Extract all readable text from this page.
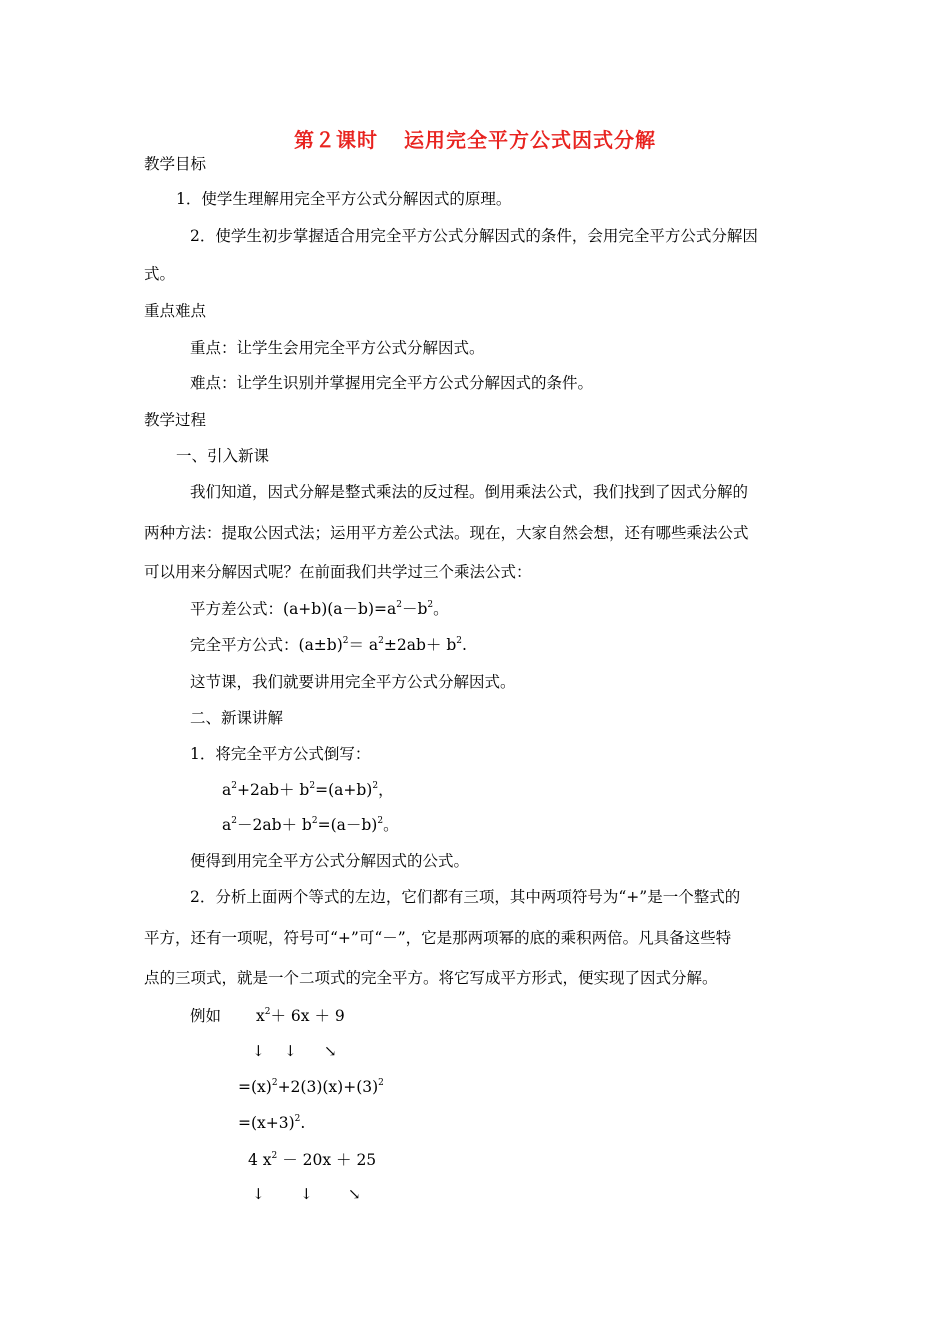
第２课时 运用完全平方公式因式分解
教学目标
1．使学生理解用完全平方公式分解因式的原理。
2．使学生初步掌握适合用完全平方公式分解因式的条件，会用完全平方公式分解因
式。
重点难点
重点：让学生会用完全平方公式分解因式。
难点：让学生识别并掌握用完全平方公式分解因式的条件。
教学过程
一、引入新课
我们知道，因式分解是整式乘法的反过程。倒用乘法公式，我们找到了因式分解的
两种方法：提取公因式法；运用平方差公式法。现在，大家自然会想，还有哪些乘法公式
可以用来分解因式呢？在前面我们共学过三个乘法公式：
平方差公式：$(a+b)(a-b)=a^2-b^2$。
完全平方公式：$(a\pm b)^2= a^2\pm 2ab+ b^2$.
这节课，我们就要讲用完全平方公式分解因式。
二、新课讲解
1．将完全平方公式倒写：
$a^2+2ab+ b^2=(a+b)^2$，
$a^2-2ab+ b^2=(a-b)^2$。
便得到用完全平方公式分解因式的公式。
2．分析上面两个等式的左边，它们都有三项，其中两项符号为“+”是一个整式的
平方，还有一项呢，符号可“+”可“－”，它是那两项幂的底的乘积两倍。凡具备这些特
点的三项式，就是一个二项式的完全平方。将它写成平方形式，便实现了因式分解。
例如 $x^2+ 6x + 9$
↓ ↓ ↘
$=(x)^2+2(3)(x)+(3)^2$
$=(x+3)^2$.
4 $x^2 - 20x + 25$
↓ ↓ ↘
